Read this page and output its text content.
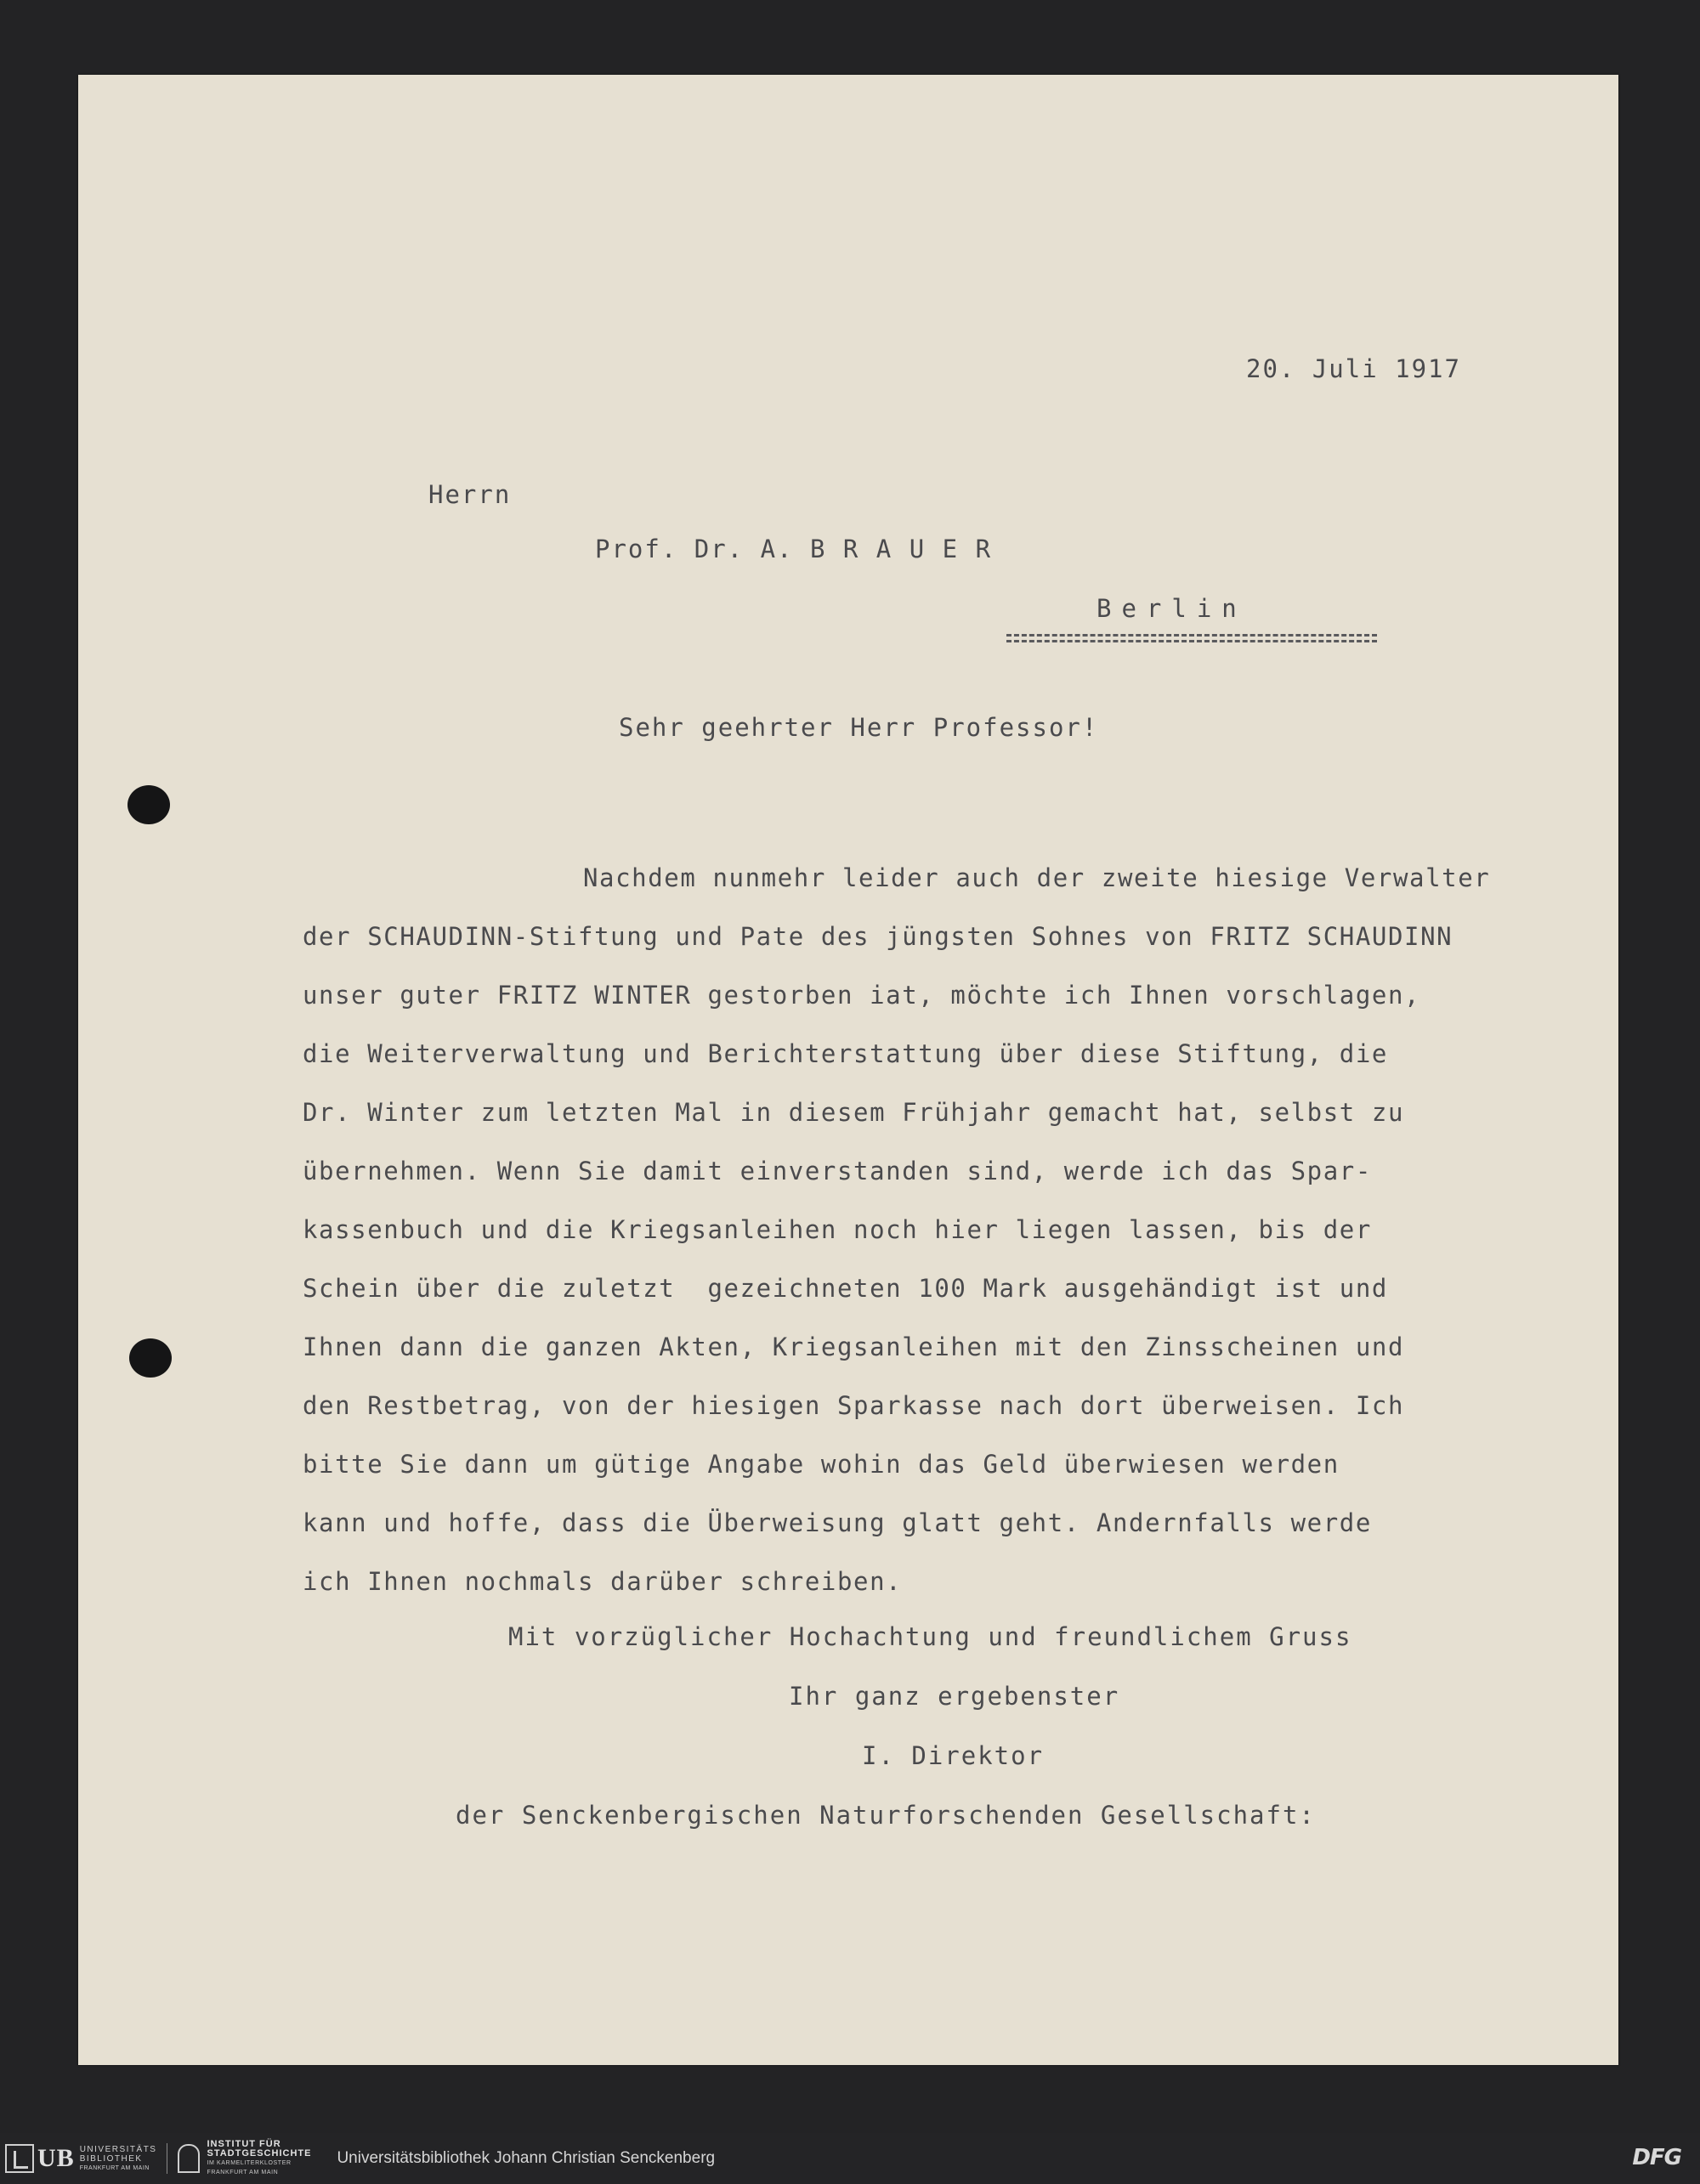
20. Juli 1917
Herrn
Prof. Dr. A. B R A U E R
Berlin
Sehr geehrter Herr Professor!
Nachdem nunmehr leider auch der zweite hiesige Verwalter
der SCHAUDINN-Stiftung und Pate des jüngsten Sohnes von FRITZ SCHAUDINN
unser guter FRITZ WINTER gestorben iat, möchte ich Ihnen vorschlagen,
die Weiterverwaltung und Berichterstattung über diese Stiftung, die
Dr. Winter zum letzten Mal in diesem Frühjahr gemacht hat, selbst zu
übernehmen. Wenn Sie damit einverstanden sind, werde ich das Spar-
kassenbuch und die Kriegsanleihen noch hier liegen lassen, bis der
Schein über die zuletzt  gezeichneten 100 Mark ausgehändigt ist und
Ihnen dann die ganzen Akten, Kriegsanleihen mit den Zinsscheinen und
den Restbetrag, von der hiesigen Sparkasse nach dort überweisen. Ich
bitte Sie dann um gütige Angabe wohin das Geld überwiesen werden
kann und hoffe, dass die Überweisung glatt geht. Andernfalls werde
ich Ihnen nochmals darüber schreiben.
Mit vorzüglicher Hochachtung und freundlichem Gruss
Ihr ganz ergebenster
I. Direktor
der Senckenbergischen Naturforschenden Gesellschaft:
UB UNIVERSITÄTS
BIBLIOTHEK
FRANKFURT AM MAIN
INSTITUT FÜR
STADTGESCHICHTE
IM KARMELITERKLOSTER
FRANKFURT AM MAIN
Universitätsbibliothek Johann Christian Senckenberg	DFG
